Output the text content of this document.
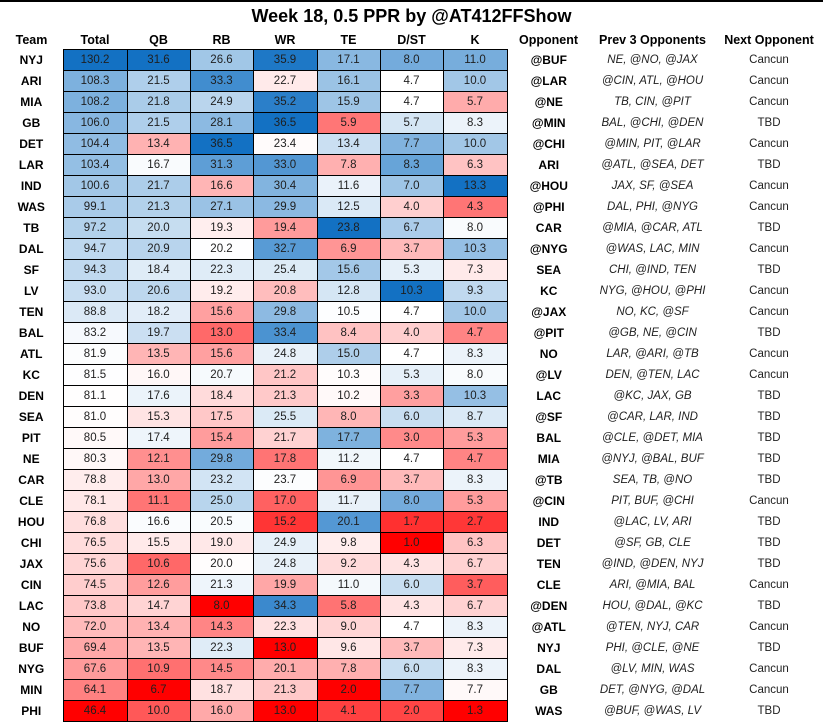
Week 18, 0.5 PPR by @AT412FFShow
Team	Total	QB	RB	WR	TE	D/ST	K	Opponent	Prev 3 Opponents	Next Opponent
NYJ	130.2	31.6	26.6	35.9	17.1	8.0	11.0	@BUF	NE, @NO, @JAX	Cancun
ARI	108.3	21.5	33.3	22.7	16.1	4.7	10.0	@LAR	@CIN, ATL, @HOU	Cancun
MIA	108.2	21.8	24.9	35.2	15.9	4.7	5.7	@NE	TB, CIN, @PIT	Cancun
GB	106.0	21.5	28.1	36.5	5.9	5.7	8.3	@MIN	BAL, @CHI, @DEN	TBD
DET	104.4	13.4	36.5	23.4	13.4	7.7	10.0	@CHI	@MIN, PIT, @LAR	Cancun
LAR	103.4	16.7	31.3	33.0	7.8	8.3	6.3	ARI	@ATL, @SEA, DET	TBD
IND	100.6	21.7	16.6	30.4	11.6	7.0	13.3	@HOU	JAX, SF, @SEA	Cancun
WAS	99.1	21.3	27.1	29.9	12.5	4.0	4.3	@PHI	DAL, PHI, @NYG	Cancun
TB	97.2	20.0	19.3	19.4	23.8	6.7	8.0	CAR	@MIA, @CAR, ATL	TBD
DAL	94.7	20.9	20.2	32.7	6.9	3.7	10.3	@NYG	@WAS, LAC, MIN	Cancun
SF	94.3	18.4	22.3	25.4	15.6	5.3	7.3	SEA	CHI, @IND, TEN	TBD
LV	93.0	20.6	19.2	20.8	12.8	10.3	9.3	KC	NYG, @HOU, @PHI	Cancun
TEN	88.8	18.2	15.6	29.8	10.5	4.7	10.0	@JAX	NO, KC, @SF	Cancun
BAL	83.2	19.7	13.0	33.4	8.4	4.0	4.7	@PIT	@GB, NE, @CIN	TBD
ATL	81.9	13.5	15.6	24.8	15.0	4.7	8.3	NO	LAR, @ARI, @TB	Cancun
KC	81.5	16.0	20.7	21.2	10.3	5.3	8.0	@LV	DEN, @TEN, LAC	Cancun
DEN	81.1	17.6	18.4	21.3	10.2	3.3	10.3	LAC	@KC, JAX, GB	TBD
SEA	81.0	15.3	17.5	25.5	8.0	6.0	8.7	@SF	@CAR, LAR, IND	TBD
PIT	80.5	17.4	15.4	21.7	17.7	3.0	5.3	BAL	@CLE, @DET, MIA	TBD
NE	80.3	12.1	29.8	17.8	11.2	4.7	4.7	MIA	@NYJ, @BAL, BUF	TBD
CAR	78.8	13.0	23.2	23.7	6.9	3.7	8.3	@TB	SEA, TB, @NO	TBD
CLE	78.1	11.1	25.0	17.0	11.7	8.0	5.3	@CIN	PIT, BUF, @CHI	Cancun
HOU	76.8	16.6	20.5	15.2	20.1	1.7	2.7	IND	@LAC, LV, ARI	TBD
CHI	76.5	15.5	19.0	24.9	9.8	1.0	6.3	DET	@SF, GB, CLE	TBD
JAX	75.6	10.6	20.0	24.8	9.2	4.3	6.7	TEN	@IND, @DEN, NYJ	TBD
CIN	74.5	12.6	21.3	19.9	11.0	6.0	3.7	CLE	ARI, @MIA, BAL	Cancun
LAC	73.8	14.7	8.0	34.3	5.8	4.3	6.7	@DEN	HOU, @DAL, @KC	TBD
NO	72.0	13.4	14.3	22.3	9.0	4.7	8.3	@ATL	@TEN, NYJ, CAR	Cancun
BUF	69.4	13.5	22.3	13.0	9.6	3.7	7.3	NYJ	PHI, @CLE, @NE	TBD
NYG	67.6	10.9	14.5	20.1	7.8	6.0	8.3	DAL	@LV, MIN, WAS	Cancun
MIN	64.1	6.7	18.7	21.3	2.0	7.7	7.7	GB	DET, @NYG, @DAL	Cancun
PHI	46.4	10.0	16.0	13.0	4.1	2.0	1.3	WAS	@BUF, @WAS, LV	TBD
